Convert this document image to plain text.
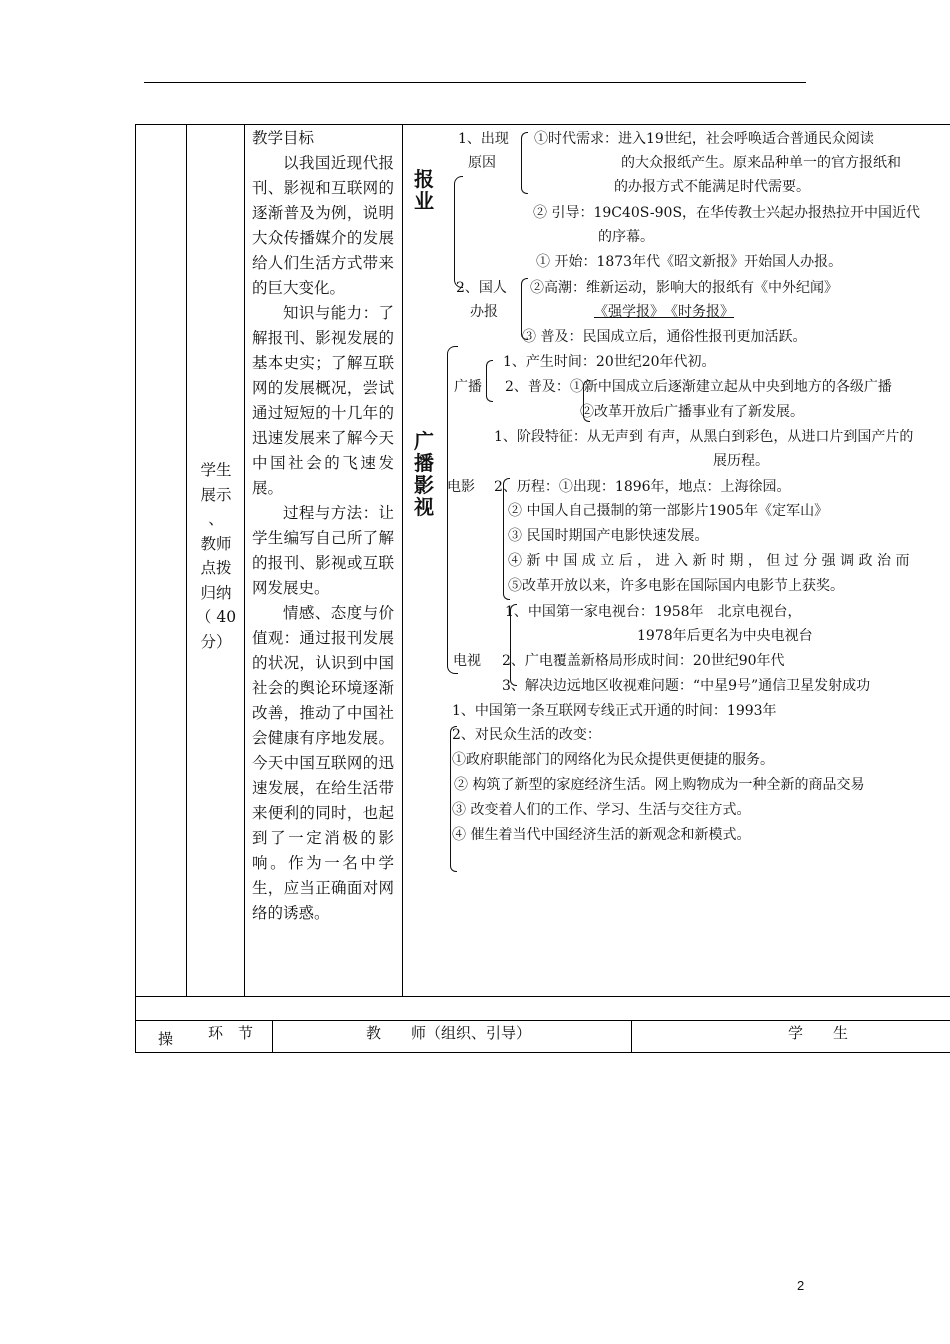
学生
展示
、
教师
点拨
归纳
（ 40
分）

教学目标

以我国近现代报刊、影视和互联网的逐渐普及为例，说明大众传播媒介的发展给人们生活方式带来的巨大变化。

知识与能力：了解报刊、影视发展的基本史实；了解互联网的发展概况，尝试通过短短的十几年的迅速发展来了解今天中国社会的飞速发展。

过程与方法：让学生编写自己所了解的报刊、影视或互联网发展史。

情感、态度与价值观：通过报刊发展的状况，认识到中国社会的舆论环境逐渐改善，推动了中国社会健康有序地发展。今天中国互联网的迅速发展，在给生活带来便利的同时，也起到了一定消极的影响。作为一名中学生，应当正确面对网络的诱惑。

报业
广播影视
1、出现
原因
①时代需求：进入19世纪，社会呼唤适合普通民众阅读
的大众报纸产生。原来品种单一的官方报纸和
的办报方式不能满足时代需要。
② 引导：19C40S-90S，在华传教士兴起办报热拉开中国近代
的序幕。
① 开始：1873年代《昭文新报》开始国人办报。
2、国人
办报
②高潮：维新运动，影响大的报纸有《中外纪闻》
《强学报》　《时务报》
③ 普及：民国成立后，通俗性报刊更加活跃。
1、产生时间：20世纪20年代初。
广播 2、普及：①新中国成立后逐渐建立起从中央到地方的各级广播
②改革开放后广播事业有了新发展。
1、阶段特征：从无声到 有声，从黑白到彩色，从进口片到国产片的
展历程。
电影 2、历程：①出现：1896年，地点：上海徐园。
② 中国人自己摄制的第一部影片1905年《定军山》
③ 民国时期国产电影快速发展。
④ 新 中 国 成 立 后 ， 进 入 新 时 期 ， 但 过 分 强 调 政 治 而
⑤改革开放以来，许多电影在国际国内电影节上获奖。
1、中国第一家电视台：1958年　北京电视台，
1978年后更名为中央电视台
电视 2、广电覆盖新格局形成时间：20世纪90年代
3、解决边远地区收视难问题：“中星9号”通信卫星发射成功
1、中国第一条互联网专线正式开通的时间：1993年
2、对民众生活的改变：
①政府职能部门的网络化为民众提供更便捷的服务。
② 构筑了新型的家庭经济生活。网上购物成为一种全新的商品交易
③ 改变着人们的工作、学习、生活与交往方式。
④ 催生着当代中国经济生活的新观念和新模式。
操 环　节	教　　师（组织、引导）	学　　生
2
